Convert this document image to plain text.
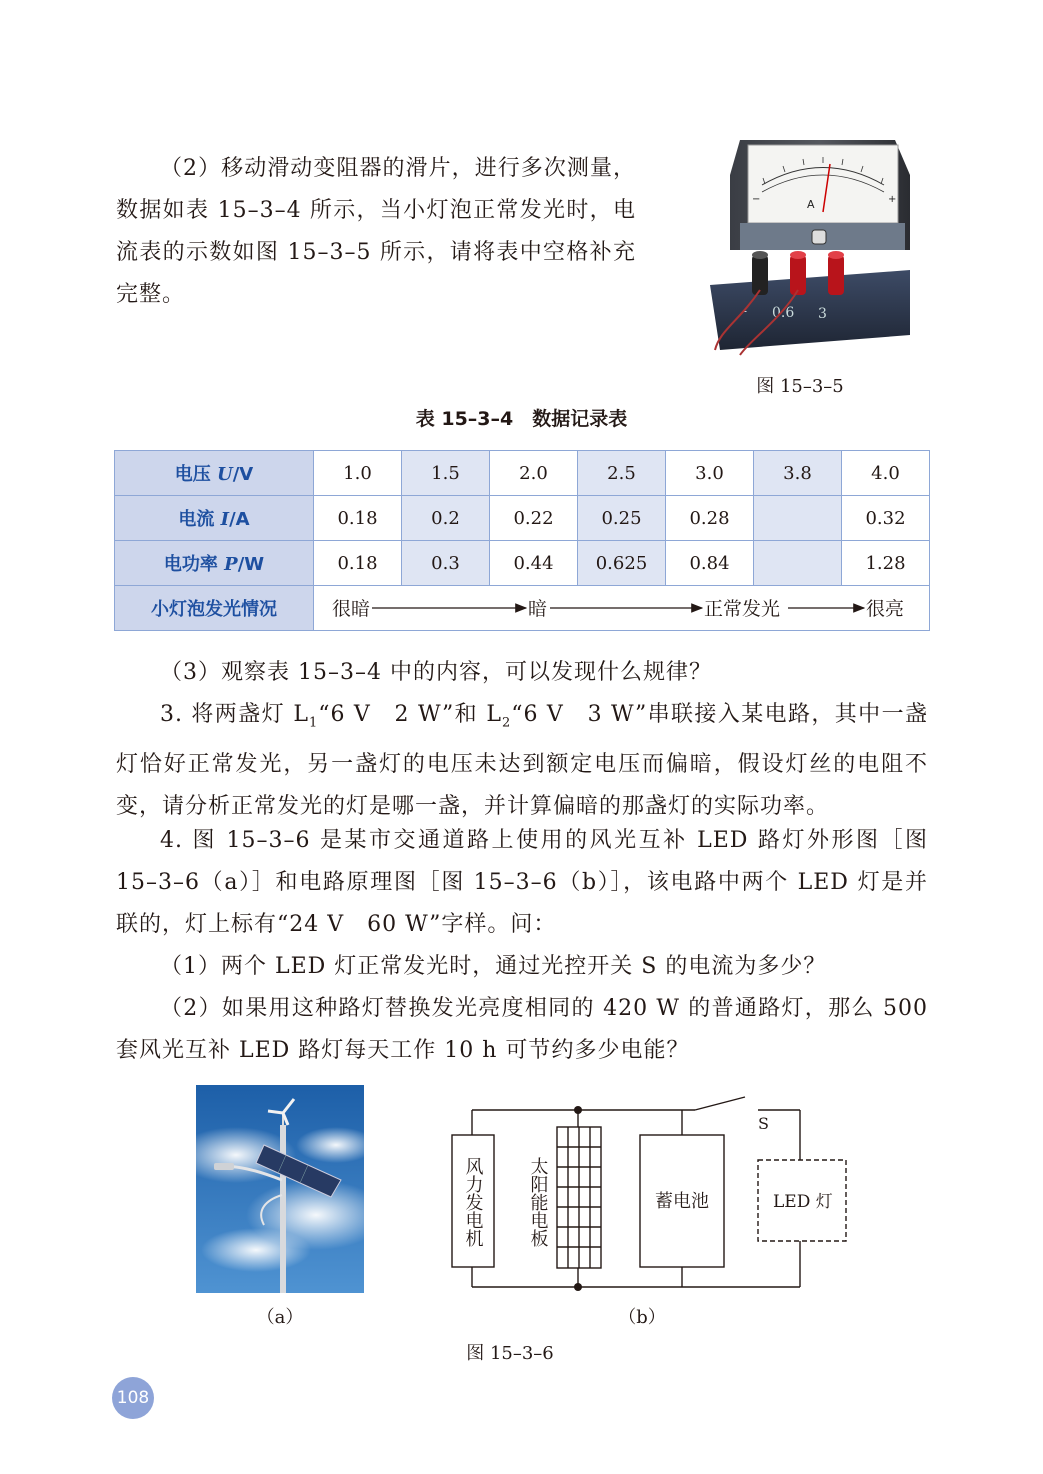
（2）移动滑动变阻器的滑片，进行多次测量，数据如表 15–3–4 所示，当小灯泡正常发光时，电流表的示数如图 15–3–5 所示，请将表中空格补充完整。

A
−	+
- 0.6 3
图 15–3–5
表 15–3–4　数据记录表
电压 U/V	1.0	1.5	2.0	2.5	3.0	3.8	4.0
电流 I/A	0.18	0.2	0.22	0.25	0.28		0.32
电功率 P/W	0.18	0.3	0.44	0.625	0.84		1.28
小灯泡发光情况	很暗 暗 正常发光 很亮						

（3）观察表 15–3–4 中的内容，可以发现什么规律？

3. 将两盏灯 $L_1“6$ V　2 W”和 $L_2“6$ V　3 W”串联接入某电路，其中一盏灯恰好正常发光，另一盏灯的电压未达到额定电压而偏暗，假设灯丝的电阻不变，请分析正常发光的灯是哪一盏，并计算偏暗的那盏灯的实际功率。

4. 图 15–3–6 是某市交通道路上使用的风光互补 LED 路灯外形图［图 15–3–6（a）］和电路原理图［图 15–3–6（b）］，该电路中两个 LED 灯是并联的，灯上标有“24 V　60 W”字样。问：

（1）两个 LED 灯正常发光时，通过光控开关 S 的电流为多少？

（2）如果用这种路灯替换发光亮度相同的 420 W 的普通路灯，那么 500 套风光互补 LED 路灯每天工作 10 h 可节约多少电能？

（a）
S
风力发电机 太阳能电板	蓄电池	LED 灯
（b）
图 15–3–6
108
